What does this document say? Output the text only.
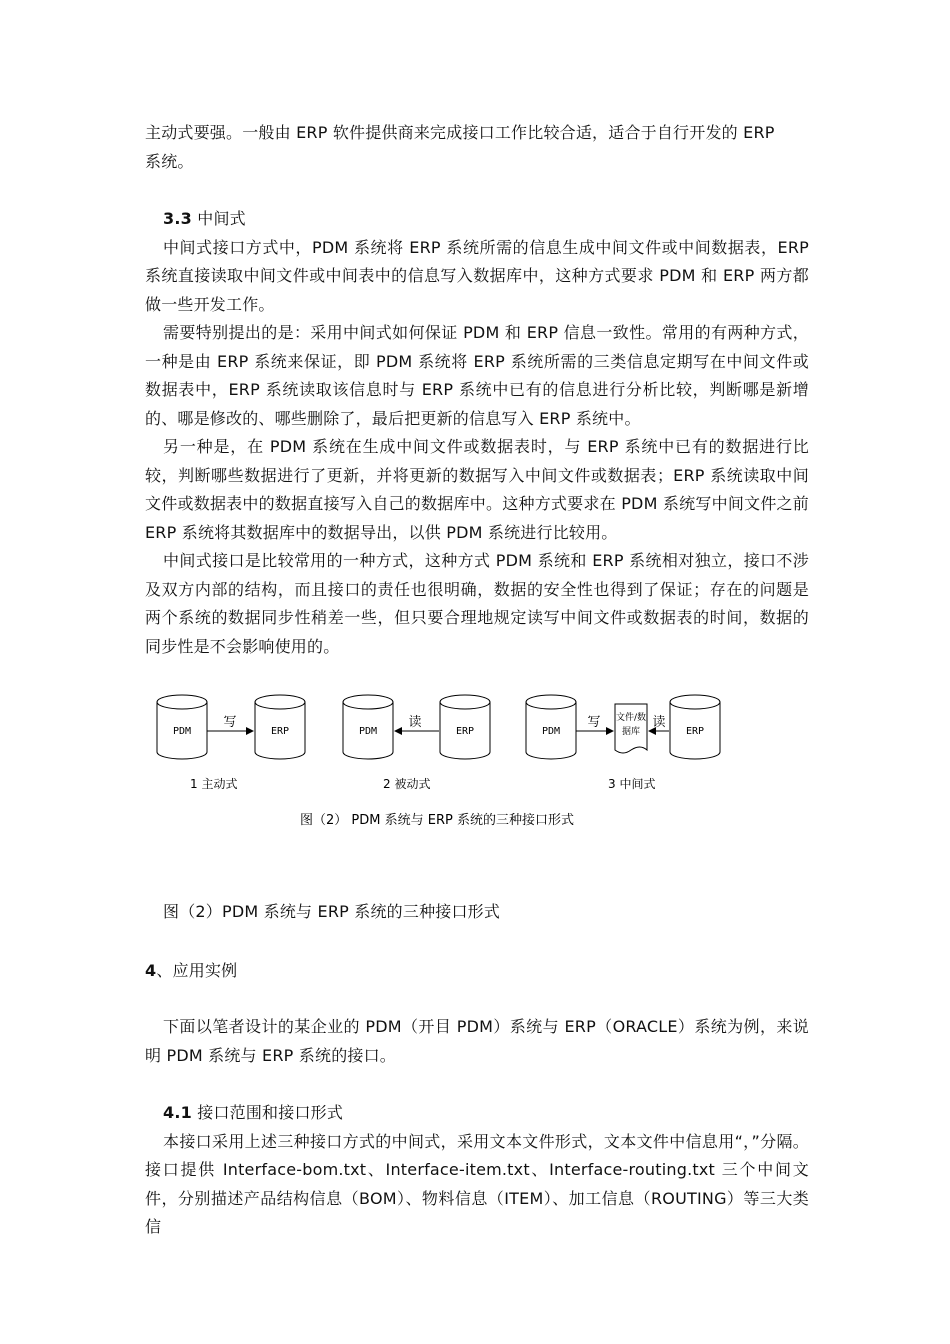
主动式要强。一般由 ERP 软件提供商来完成接口工作比较合适，适合于自行开发的 ERP

系统。

3.3 中间式

中间式接口方式中，PDM 系统将 ERP 系统所需的信息生成中间文件或中间数据表，ERP 系统直接读取中间文件或中间表中的信息写入数据库中，这种方式要求 PDM 和 ERP 两方都做一些开发工作。

需要特别提出的是：采用中间式如何保证 PDM 和 ERP 信息一致性。常用的有两种方式，一种是由 ERP 系统来保证，即 PDM 系统将 ERP 系统所需的三类信息定期写在中间文件或数据表中，ERP 系统读取该信息时与 ERP 系统中已有的信息进行分析比较，判断哪是新增的、哪是修改的、哪些删除了，最后把更新的信息写入 ERP 系统中。

另一种是，在 PDM 系统在生成中间文件或数据表时，与 ERP 系统中已有的数据进行比较，判断哪些数据进行了更新，并将更新的数据写入中间文件或数据表；ERP 系统读取中间文件或数据表中的数据直接写入自己的数据库中。这种方式要求在 PDM 系统写中间文件之前 ERP 系统将其数据库中的数据导出，以供 PDM 系统进行比较用。

中间式接口是比较常用的一种方式，这种方式 PDM 系统和 ERP 系统相对独立，接口不涉及双方内部的结构，而且接口的责任也很明确，数据的安全性也得到了保证；存在的问题是两个系统的数据同步性稍差一些，但只要合理地规定读写中间文件或数据表的时间，数据的同步性是不会影响使用的。

PDM
写
ERP
1 主动式
PDM
读
ERP
2 被动式
PDM
写 文件/数
据库
读
ERP
3 中间式
图（2） PDM 系统与 ERP 系统的三种接口形式

图（2）PDM 系统与 ERP 系统的三种接口形式

4、应用实例

下面以笔者设计的某企业的 PDM（开目 PDM）系统与 ERP（ORACLE）系统为例，来说明 PDM 系统与 ERP 系统的接口。

4.1 接口范围和接口形式

本接口采用上述三种接口方式的中间式，采用文本文件形式，文本文件中信息用“，”分隔。接口提供 Interface-bom.txt、Interface-item.txt、Interface-routing.txt 三个中间文件，分别描述产品结构信息（BOM）、物料信息（ITEM）、加工信息（ROUTING）等三大类信
